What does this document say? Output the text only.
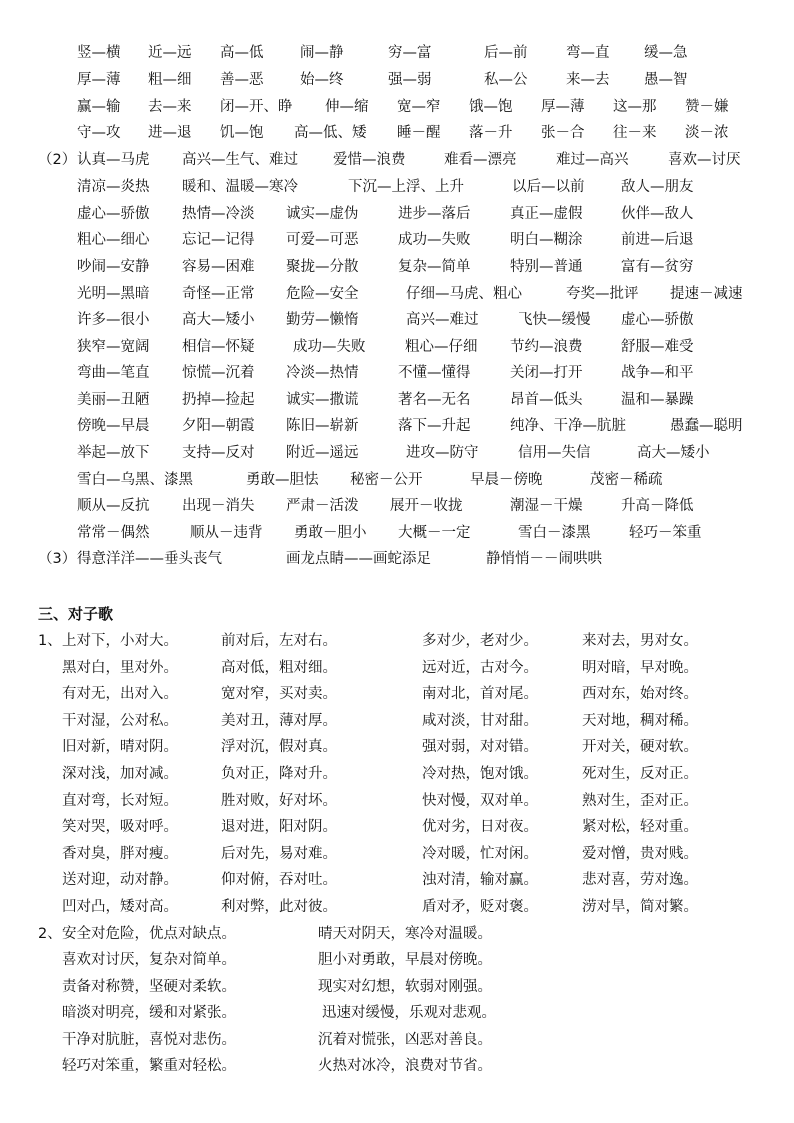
竖—横 近—远 高—低	闹—静	穷—富	后—前	弯—直 缓—急
厚—薄 粗—细 善—恶	始—终	强—弱	私—公	来—去 愚—智
赢—输 去—来 闭—开、睁 伸—缩 宽—窄 饿—饱 厚—薄 这—那 赞－嫌
守—攻 进—退 饥—饱 高—低、矮 睡－醒 落－升 张－合 往－来 淡－浓
（2） 认真—马虎 高兴—生气、难过 爱惜—浪费	难看—漂亮	难过—高兴	喜欢—讨厌
清凉—炎热 暖和、温暖—寒冷	下沉—上浮、上升	以后—以前	敌人—朋友
虚心—骄傲 热情—冷淡 诚实—虚伪	进步—落后	真正—虚假	伙伴—敌人
粗心—细心 忘记—记得 可爱—可恶	成功—失败	明白—糊涂	前进—后退
吵闹—安静 容易—困难 聚拢—分散	复杂—简单	特别—普通	富有—贫穷
光明—黑暗 奇怪—正常 危险—安全	仔细—马虎、粗心	夸奖—批评 提速－减速
许多—很小 高大—矮小 勤劳—懒惰	高兴—难过	飞快—缓慢 虚心—骄傲
狭窄—宽阔 相信—怀疑	成功—失败	粗心—仔细 节约—浪费	舒服—难受
弯曲—笔直 惊慌—沉着 冷淡—热情	不懂—懂得	关闭—打开	战争—和平
美丽—丑陋 扔掉—捡起 诚实—撒谎	著名—无名	昂首—低头	温和—暴躁
傍晚—早晨 夕阳—朝霞 陈旧—崭新	落下—升起	纯净、干净—肮脏	愚蠢—聪明
举起—放下 支持—反对 附近—遥远	进攻—防守	信用—失信	高大—矮小
雪白—乌黑、漆黑	勇敢—胆怯 秘密－公开	早晨－傍晚	茂密－稀疏
顺从—反抗 出现－消失 严肃－活泼 展开－收拢	潮湿－干燥	升高－降低
常常－偶然	顺从－违背 勇敢－胆小 大概－一定	雪白－漆黑	轻巧－笨重
（3） 得意洋洋——垂头丧气	画龙点睛——画蛇添足	静悄悄－－闹哄哄
三、对子歌
1、 上对下，小对大。	前对后，左对右。	多对少，老对少。	来对去，男对女。
黑对白，里对外。	高对低，粗对细。	远对近，古对今。	明对暗，早对晚。
有对无，出对入。	宽对窄，买对卖。	南对北，首对尾。	西对东，始对终。
干对湿，公对私。	美对丑，薄对厚。	咸对淡，甘对甜。	天对地，稠对稀。
旧对新，晴对阴。	浮对沉，假对真。	强对弱，对对错。	开对关，硬对软。
深对浅，加对减。	负对正，降对升。	冷对热，饱对饿。	死对生，反对正。
直对弯，长对短。	胜对败，好对坏。	快对慢，双对单。	熟对生，歪对正。
笑对哭，吸对呼。	退对进，阳对阴。	优对劣，日对夜。	紧对松，轻对重。
香对臭，胖对瘦。	后对先，易对难。	冷对暖，忙对闲。	爱对憎，贵对贱。
送对迎，动对静。	仰对俯，吞对吐。	浊对清，输对赢。	悲对喜，劳对逸。
凹对凸，矮对高。	利对弊，此对彼。	盾对矛，贬对褒。	涝对旱，简对繁。
2、 安全对危险，优点对缺点。	晴天对阴天，寒冷对温暖。
喜欢对讨厌，复杂对简单。	胆小对勇敢，早晨对傍晚。
责备对称赞，坚硬对柔软。	现实对幻想，软弱对刚强。
暗淡对明亮，缓和对紧张。	迅速对缓慢，乐观对悲观。
干净对肮脏，喜悦对悲伤。	沉着对慌张，凶恶对善良。
轻巧对笨重，繁重对轻松。	火热对冰冷，浪费对节省。
